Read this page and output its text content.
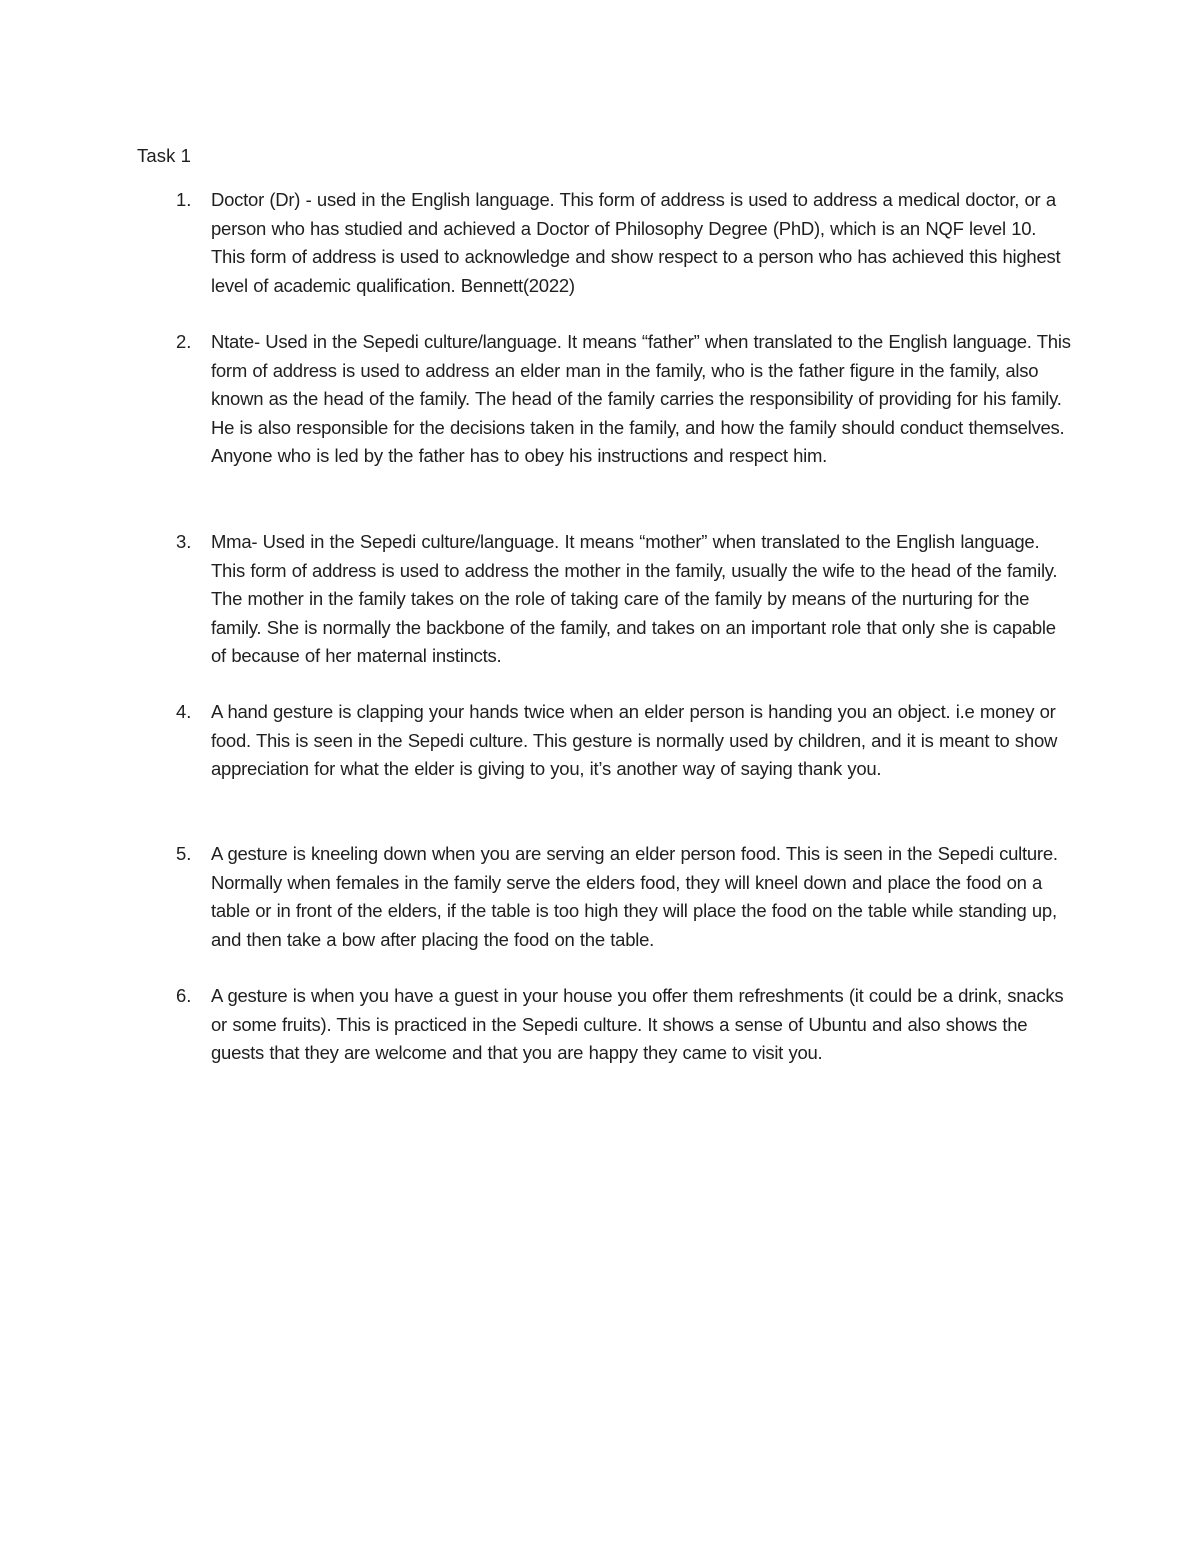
Task 1
1. Doctor (Dr) - used in the English language. This form of address is used to address a medical doctor, or a person who has studied and achieved a Doctor of Philosophy Degree (PhD), which is an NQF level 10. This form of address is used to acknowledge and show respect to a person who has achieved this highest level of academic qualification. Bennett(2022)
2. Ntate- Used in the Sepedi culture/language. It means “father” when translated to the English language. This form of address is used to address an elder man in the family, who is the father figure in the family, also known as the head of the family. The head of the family carries the responsibility of providing for his family. He is also responsible for the decisions taken in the family, and how the family should conduct themselves. Anyone who is led by the father has to obey his instructions and respect him.
3. Mma- Used in the Sepedi culture/language. It means “mother” when translated to the English language. This form of address is used to address the mother in the family, usually the wife to the head of the family. The mother in the family takes on the role of taking care of the family by means of the nurturing for the family. She is normally the backbone of the family, and takes on an important role that only she is capable of because of her maternal instincts.
4. A hand gesture is clapping your hands twice when an elder person is handing you an object. i.e money or food. This is seen in the Sepedi culture. This gesture is normally used by children, and it is meant to show appreciation for what the elder is giving to you, it’s another way of saying thank you.
5. A gesture is kneeling down when you are serving an elder person food. This is seen in the Sepedi culture. Normally when females in the family serve the elders food, they will kneel down and place the food on a table or in front of the elders, if the table is too high they will place the food on the table while standing up, and then take a bow after placing the food on the table.
6. A gesture is when you have a guest in your house you offer them refreshments (it could be a drink, snacks or some fruits). This is practiced in the Sepedi culture. It shows a sense of Ubuntu and also shows the guests that they are welcome and that you are happy they came to visit you.
